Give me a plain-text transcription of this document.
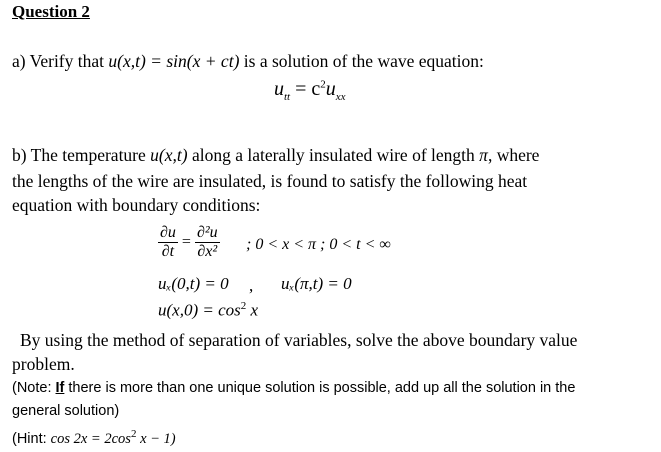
Question 2
a) Verify that u(x,t) = sin(x + ct) is a solution of the wave equation:
$u_{tt} = c^2u_{xx}$
b) The temperature u(x,t) along a laterally insulated wire of length π, where
the lengths of the wire are insulated, is found to satisfy the following heat
equation with boundary conditions:
$\frac{\partial u}{\partial t} = \frac{\text{∂²u}}{\text{∂x²}}$ ; 0 < x < π ; 0 < t < ∞
uₓ(0,t) = 0 , uₓ(π,t) = 0
$u(x,0) = \cos^2 x$
By using the method of separation of variables, solve the above boundary value
problem.
(Note: If there is more than one unique solution is possible, add up all the solution in the
general solution)
(Hint: $\cos 2x = 2\cos^2$ x − 1)
